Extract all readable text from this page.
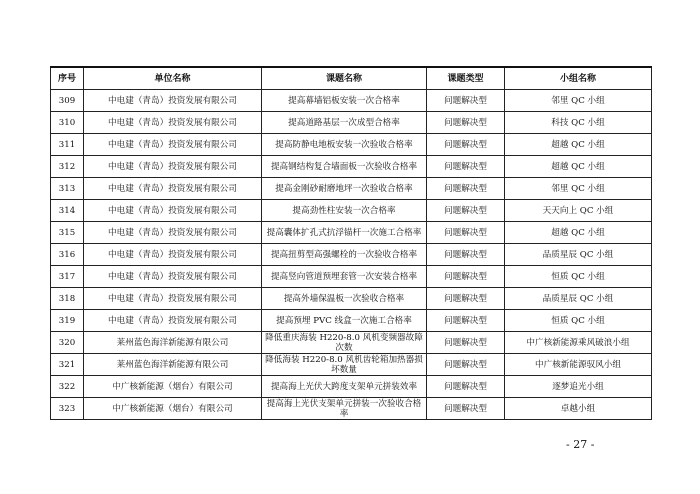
序号	单位名称	课题名称	课题类型	小组名称
309	中电建（青岛）投资发展有限公司	提高幕墙铝板安装一次合格率	问题解决型	邻里 QC 小组
310	中电建（青岛）投资发展有限公司	提高道路基层一次成型合格率	问题解决型	科技 QC 小组
311	中电建（青岛）投资发展有限公司	提高防静电地板安装一次验收合格率	问题解决型	超越 QC 小组
312	中电建（青岛）投资发展有限公司	提高钢结构复合墙面板一次验收合格率	问题解决型	超越 QC 小组
313	中电建（青岛）投资发展有限公司	提高金刚砂耐磨地坪一次验收合格率	问题解决型	邻里 QC 小组
314	中电建（青岛）投资发展有限公司	提高劲性柱安装一次合格率	问题解决型	天天向上 QC 小组
315	中电建（青岛）投资发展有限公司	提高囊体扩孔式抗浮锚杆一次施工合格率	问题解决型	超越 QC 小组
316	中电建（青岛）投资发展有限公司	提高扭剪型高强螺栓的一次验收合格率	问题解决型	品质星辰 QC 小组
317	中电建（青岛）投资发展有限公司	提高竖向管道预埋套管一次安装合格率	问题解决型	恒质 QC 小组
318	中电建（青岛）投资发展有限公司	提高外墙保温板一次验收合格率	问题解决型	品质星辰 QC 小组
319	中电建（青岛）投资发展有限公司	提高预埋 PVC 线盒一次施工合格率	问题解决型	恒质 QC 小组
320	莱州蓝色海洋新能源有限公司	降低重庆海装 H220-8.0 风机变频器故障次数	问题解决型	中广核新能源乘风破浪小组
321	莱州蓝色海洋新能源有限公司	降低海装 H220-8.0 风机齿轮箱加热器损坏数量	问题解决型	中广核新能源驭风小组
322	中广核新能源（烟台）有限公司	提高海上光伏大跨度支架单元拼装效率	问题解决型	逐梦追光小组
323	中广核新能源（烟台）有限公司	提高海上光伏支架单元拼装一次验收合格率	问题解决型	卓越小组
- 27 -
